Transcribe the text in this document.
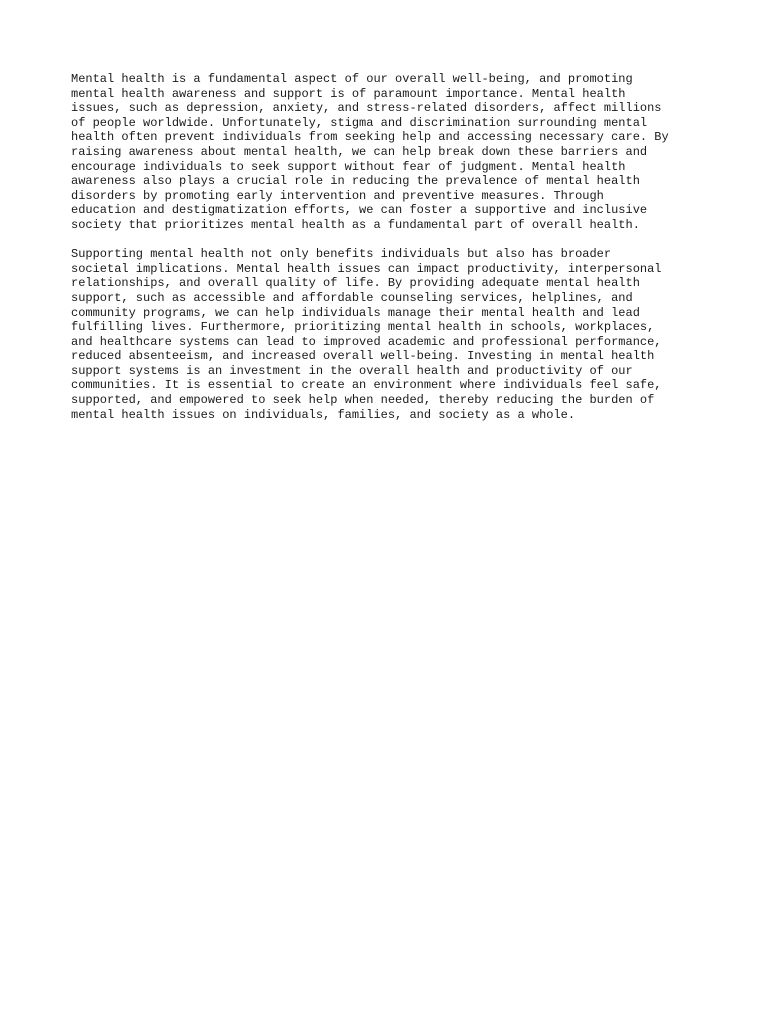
Mental health is a fundamental aspect of our overall well-being, and promoting
mental health awareness and support is of paramount importance. Mental health
issues, such as depression, anxiety, and stress-related disorders, affect millions
of people worldwide. Unfortunately, stigma and discrimination surrounding mental
health often prevent individuals from seeking help and accessing necessary care. By
raising awareness about mental health, we can help break down these barriers and
encourage individuals to seek support without fear of judgment. Mental health
awareness also plays a crucial role in reducing the prevalence of mental health
disorders by promoting early intervention and preventive measures. Through
education and destigmatization efforts, we can foster a supportive and inclusive
society that prioritizes mental health as a fundamental part of overall health.

Supporting mental health not only benefits individuals but also has broader
societal implications. Mental health issues can impact productivity, interpersonal
relationships, and overall quality of life. By providing adequate mental health
support, such as accessible and affordable counseling services, helplines, and
community programs, we can help individuals manage their mental health and lead
fulfilling lives. Furthermore, prioritizing mental health in schools, workplaces,
and healthcare systems can lead to improved academic and professional performance,
reduced absenteeism, and increased overall well-being. Investing in mental health
support systems is an investment in the overall health and productivity of our
communities. It is essential to create an environment where individuals feel safe,
supported, and empowered to seek help when needed, thereby reducing the burden of
mental health issues on individuals, families, and society as a whole.
